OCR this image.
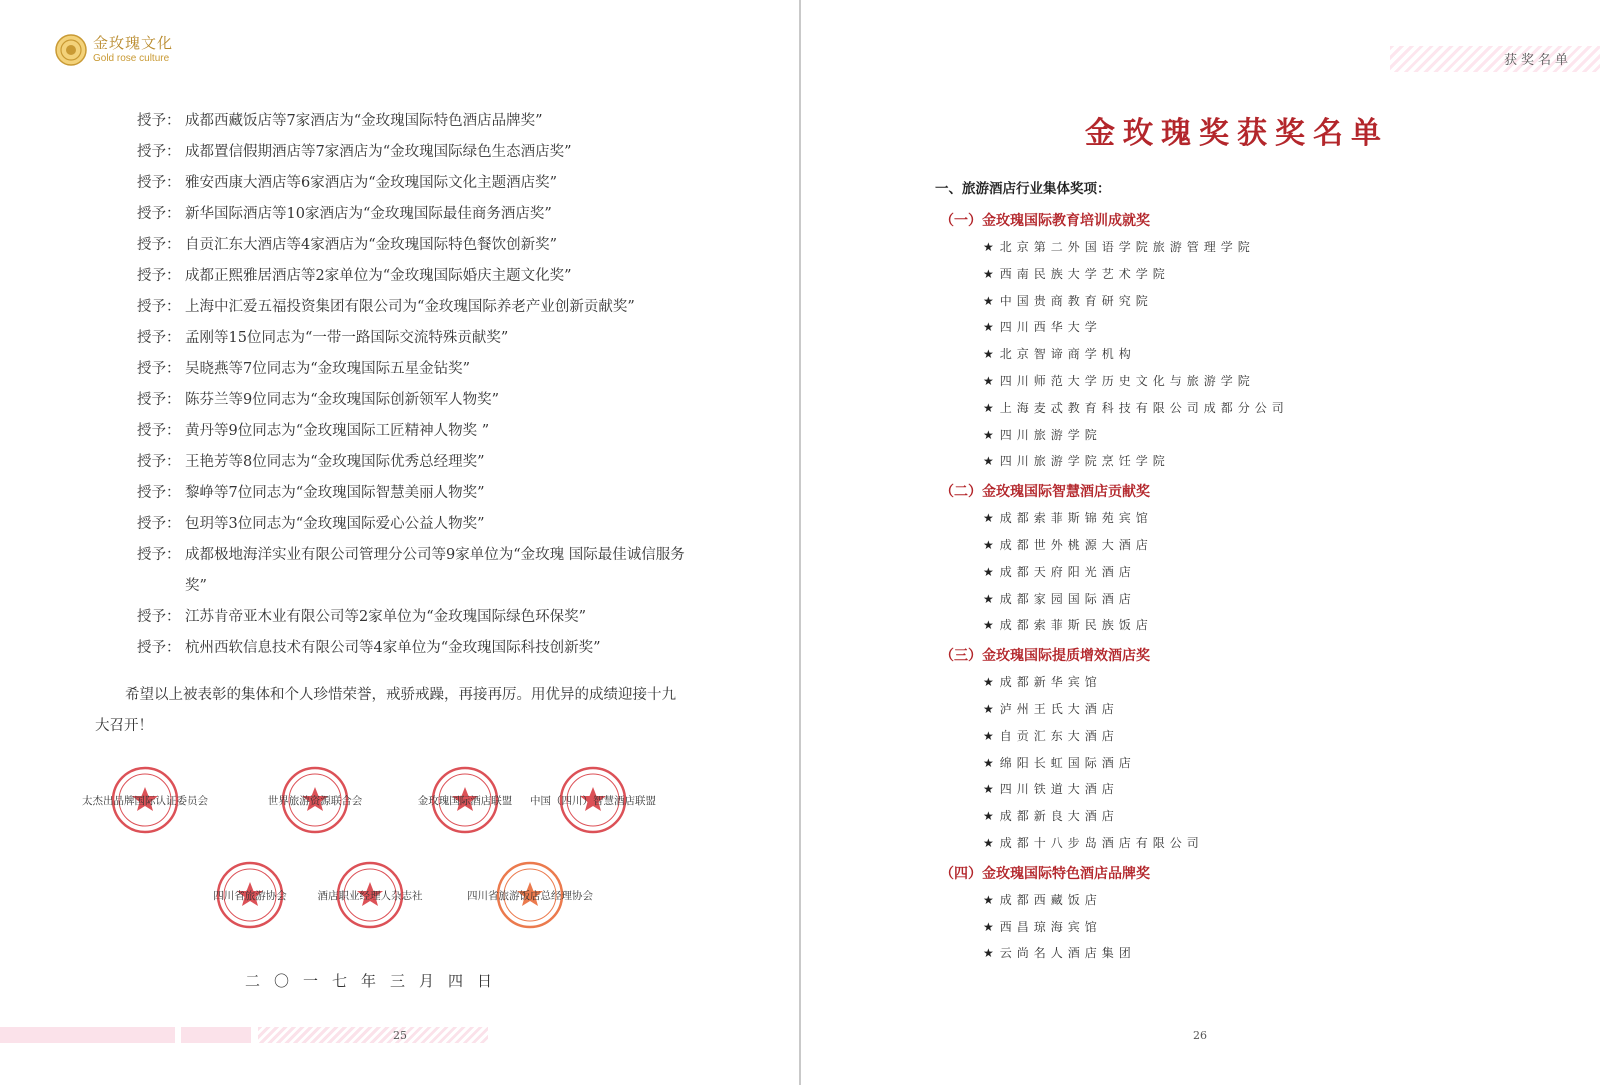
金玫瑰文化
Gold rose culture
授予： 成都西藏饭店等7家酒店为“金玫瑰国际特色酒店品牌奖”
授予： 成都置信假期酒店等7家酒店为“金玫瑰国际绿色生态酒店奖”
授予： 雅安西康大酒店等6家酒店为“金玫瑰国际文化主题酒店奖”
授予： 新华国际酒店等10家酒店为“金玫瑰国际最佳商务酒店奖”
授予： 自贡汇东大酒店等4家酒店为“金玫瑰国际特色餐饮创新奖”
授予： 成都正熙雅居酒店等2家单位为“金玫瑰国际婚庆主题文化奖”
授予： 上海中汇爱五福投资集团有限公司为“金玫瑰国际养老产业创新贡献奖”
授予： 孟刚等15位同志为“一带一路国际交流特殊贡献奖”
授予： 吴晓燕等7位同志为“金玫瑰国际五星金钻奖”
授予： 陈芬兰等9位同志为“金玫瑰国际创新领军人物奖”
授予： 黄丹等9位同志为“金玫瑰国际工匠精神人物奖 ”
授予： 王艳芳等8位同志为“金玫瑰国际优秀总经理奖”
授予： 黎峥等7位同志为“金玫瑰国际智慧美丽人物奖”
授予： 包玥等3位同志为“金玫瑰国际爱心公益人物奖”
授予： 成都极地海洋实业有限公司管理分公司等9家单位为“金玫瑰 国际最佳诚信服务奖”
授予： 江苏肯帝亚木业有限公司等2家单位为“金玫瑰国际绿色环保奖”
授予： 杭州西软信息技术有限公司等4家单位为“金玫瑰国际科技创新奖”
希望以上被表彰的集体和个人珍惜荣誉，戒骄戒躁，再接再厉。用优异的成绩迎接十九大召开！
太杰出品牌国际认证委员会	世界旅游资源联合会	金玫瑰国际酒店联盟 中国（四川）智慧酒店联盟
四川省旅游协会	酒店职业经理人杂志社	四川省旅游饭店总经理协会
二〇一七年三月四日
25
获奖名单
金玫瑰奖获奖名单
一、旅游酒店行业集体奖项：
（一）金玫瑰国际教育培训成就奖
★ 北京第二外国语学院旅游管理学院
★ 西南民族大学艺术学院
★ 中国贵商教育研究院
★ 四川西华大学
★ 北京智谛商学机构
★ 四川师范大学历史文化与旅游学院
★ 上海麦忒教育科技有限公司成都分公司
★ 四川旅游学院
★ 四川旅游学院烹饪学院
（二）金玫瑰国际智慧酒店贡献奖
★ 成都索菲斯锦苑宾馆
★ 成都世外桃源大酒店
★ 成都天府阳光酒店
★ 成都家园国际酒店
★ 成都索菲斯民族饭店
（三）金玫瑰国际提质增效酒店奖
★ 成都新华宾馆
★ 泸州王氏大酒店
★ 自贡汇东大酒店
★ 绵阳长虹国际酒店
★ 四川铁道大酒店
★ 成都新良大酒店
★ 成都十八步岛酒店有限公司
（四）金玫瑰国际特色酒店品牌奖
★ 成都西藏饭店
★ 西昌琼海宾馆
★ 云尚名人酒店集团
26
